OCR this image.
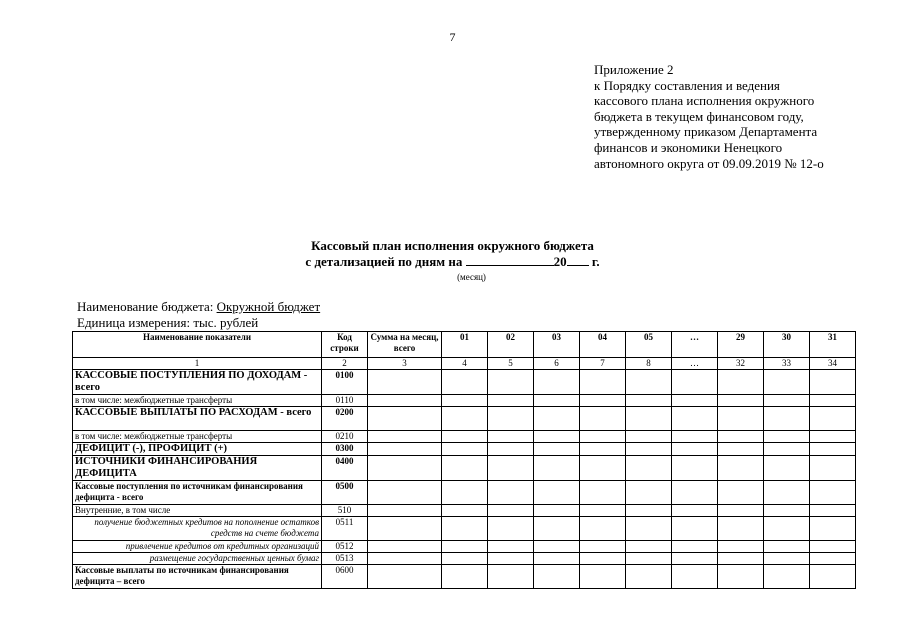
7
Приложение 2
к Порядку составления и ведения
кассового плана исполнения окружного
бюджета в текущем финансовом году,
утвержденному приказом Департамента
финансов и экономики Ненецкого
автономного округа от 09.09.2019 № 12-о
Кассовый план исполнения окружного бюджета
с детализацией по дням на	20 г.
(месяц)
Наименование бюджета: Окружной бюджет
Единица измерения: тыс. рублей
Наименование показатели	Код строки	Сумма на месяц, всего	01	02	03	04	05	…	29	30	31
1	2	3	4	5	6	7	8	…	32	33	34
КАССОВЫЕ ПОСТУПЛЕНИЯ ПО ДОХОДАМ - всего	0100										
в том числе: межбюджетные трансферты	0110										
КАССОВЫЕ ВЫПЛАТЫ ПО РАСХОДАМ - всего	0200										
в том числе: межбюджетные трансферты	0210										
ДЕФИЦИТ (-), ПРОФИЦИТ (+)	0300										
ИСТОЧНИКИ ФИНАНСИРОВАНИЯ ДЕФИЦИТА	0400										
Кассовые поступления по источникам финансирования дефицита - всего	0500										
Внутренние, в том числе	510										
получение бюджетных кредитов на пополнение остатков средств на счете бюджета	0511										
привлечение кредитов от кредитных организаций	0512										
размещение государственных ценных бумаг	0513										
Кассовые выплаты по источникам финансирования дефицита – всего	0600										
